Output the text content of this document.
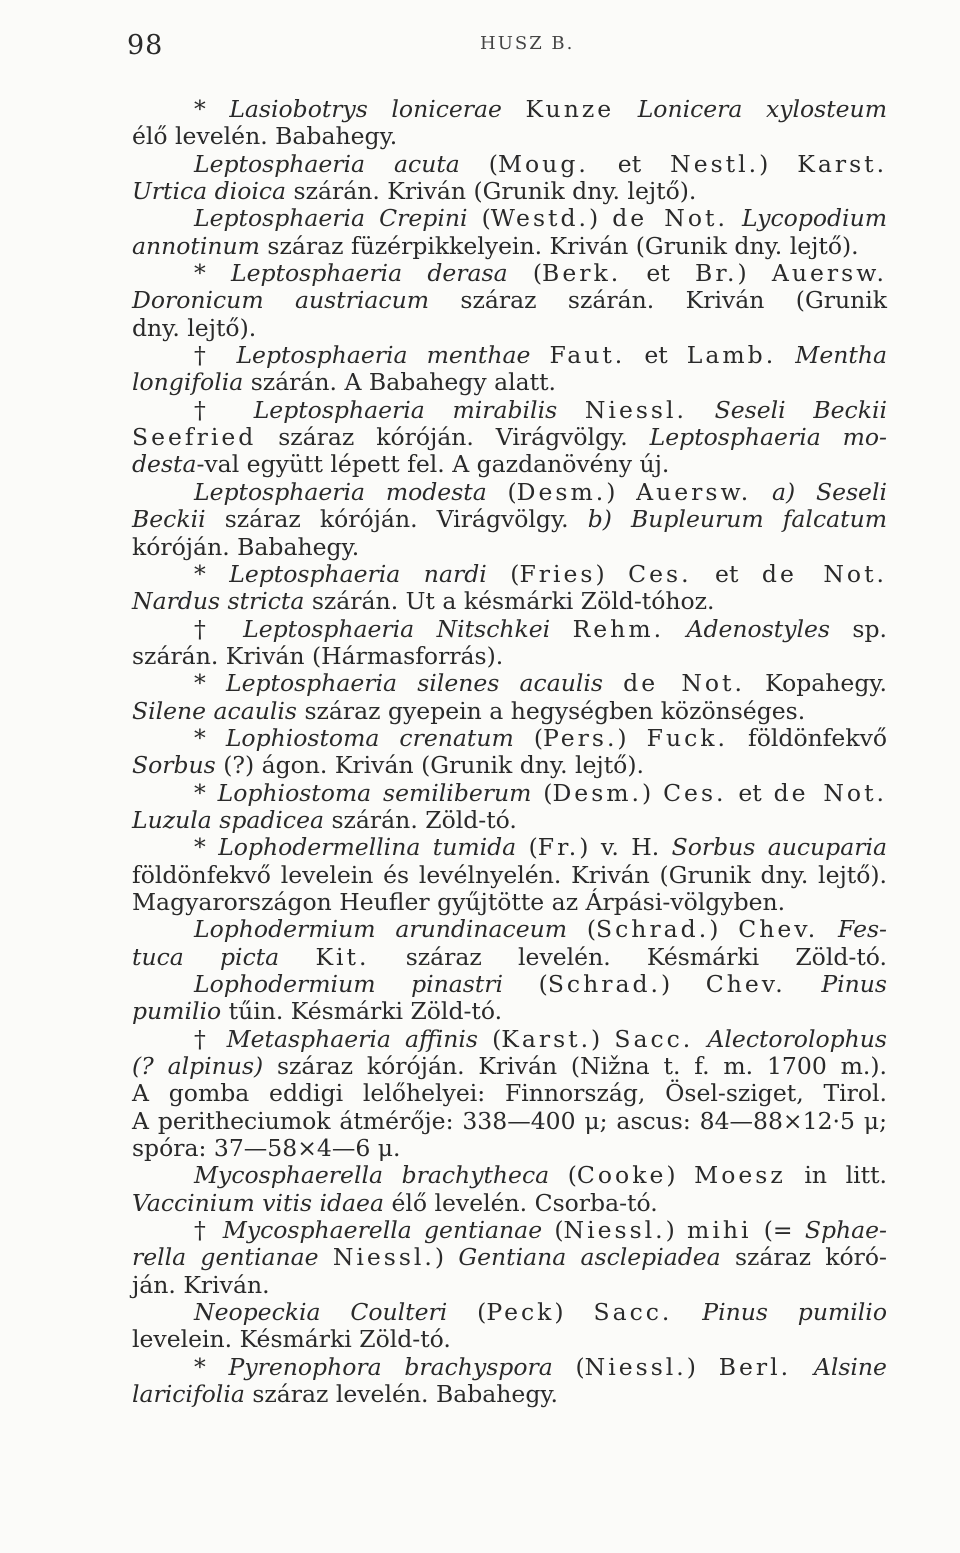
98	HUSZ B.
* Lasiobotrys lonicerae Kunze Lonicera xylosteum
élő levelén. Babahegy.
Leptosphaeria acuta (Moug. et Nestl.) Karst.
Urtica dioica szárán. Kriván (Grunik dny. lejtő).
Leptosphaeria Crepini (Westd.) de Not. Lycopodium
annotinum száraz füzérpikkelyein. Kriván (Grunik dny. lejtő).
* Leptosphaeria derasa (Berk. et Br.) Auersw.
Doronicum austriacum száraz szárán. Kriván (Grunik
dny. lejtő).
† Leptosphaeria menthae Faut. et Lamb. Mentha
longifolia szárán. A Babahegy alatt.
† Leptosphaeria mirabilis Niessl. Seseli Beckii
Seefried száraz kóróján. Virágvölgy. Leptosphaeria mo-
desta-val együtt lépett fel. A gazdanövény új.
Leptosphaeria modesta (Desm.) Auersw. a) Seseli
Beckii száraz kóróján. Virágvölgy. b) Bupleurum falcatum
kóróján. Babahegy.
* Leptosphaeria nardi (Fries) Ces. et de Not.
Nardus stricta szárán. Ut a késmárki Zöld-tóhoz.
† Leptosphaeria Nitschkei Rehm. Adenostyles sp.
szárán. Kriván (Hármasforrás).
* Leptosphaeria silenes acaulis de Not. Kopahegy.
Silene acaulis száraz gyepein a hegységben közönséges.
* Lophiostoma crenatum (Pers.) Fuck. földönfekvő
Sorbus (?) ágon. Kriván (Grunik dny. lejtő).
* Lophiostoma semiliberum (Desm.) Ces. et de Not.
Luzula spadicea szárán. Zöld-tó.
* Lophodermellina tumida (Fr.) v. H. Sorbus aucuparia
földönfekvő levelein és levélnyelén. Kriván (Grunik dny. lejtő).
Magyarországon Heufler gyűjtötte az Árpási-völgyben.
Lophodermium arundinaceum (Schrad.) Chev. Fes-
tuca picta Kit. száraz levelén. Késmárki Zöld-tó.
Lophodermium pinastri (Schrad.) Chev. Pinus
pumilio tűin. Késmárki Zöld-tó.
† Metasphaeria affinis (Karst.) Sacc. Alectorolophus
(? alpinus) száraz kóróján. Kriván (Nižna t. f. m. 1700 m.).
A gomba eddigi lelőhelyei: Finnország, Ösel-sziget, Tirol.
A peritheciumok átmérője: 338—400 μ; ascus: 84—88×12·5 μ;
spóra: 37—58×4—6 μ.
Mycosphaerella brachytheca (Cooke) Moesz in litt.
Vaccinium vitis idaea élő levelén. Csorba-tó.
† Mycosphaerella gentianae (Niessl.) mihi (= Sphae-
rella gentianae Niessl.) Gentiana asclepiadea száraz kóró-
ján. Kriván.
Neopeckia Coulteri (Peck) Sacc. Pinus pumilio
levelein. Késmárki Zöld-tó.
* Pyrenophora brachyspora (Niessl.) Berl. Alsine
laricifolia száraz levelén. Babahegy.
